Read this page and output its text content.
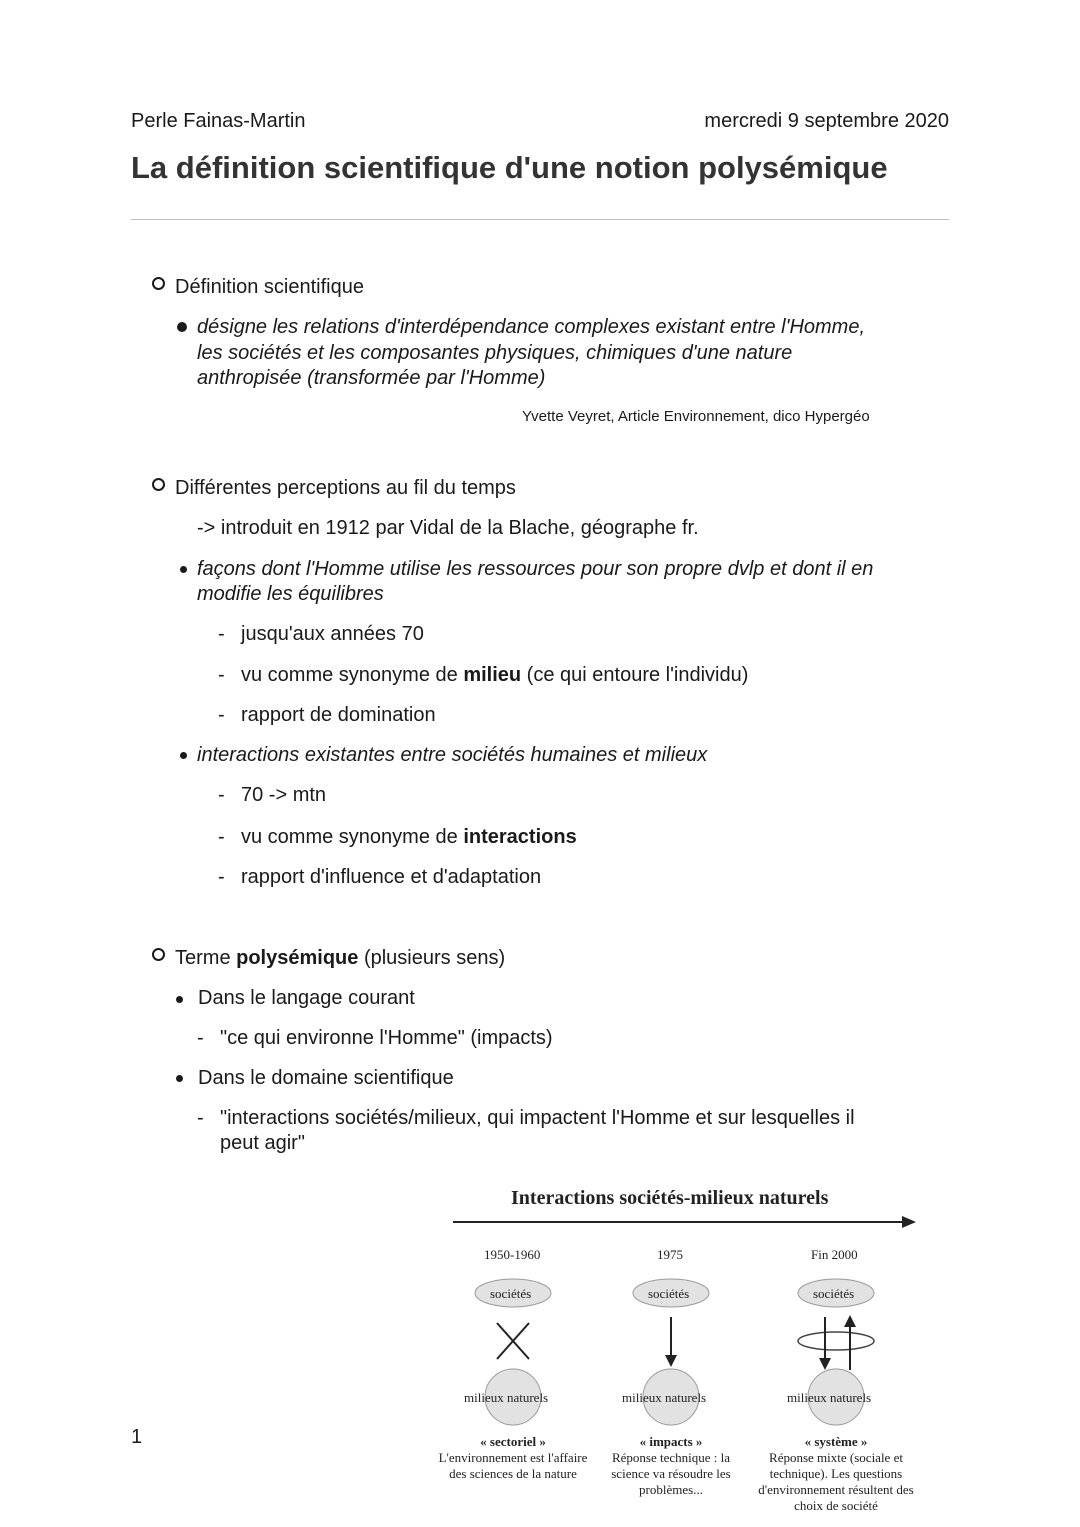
Perle Fainas-Martin	mercredi 9 septembre 2020
La définition scientifique d'une notion polysémique
Définition scientifique
désigne les relations d'interdépendance complexes existant entre l'Homme,
les sociétés et les composantes physiques, chimiques d'une nature
anthropisée (transformée par l'Homme)
Yvette Veyret, Article Environnement, dico Hypergéo
Différentes perceptions au fil du temps
-> introduit en 1912 par Vidal de la Blache, géographe fr.
façons dont l'Homme utilise les ressources pour son propre dvlp et dont il en
modifie les équilibres
- jusqu'aux années 70
- vu comme synonyme de milieu (ce qui entoure l'individu)
- rapport de domination
interactions existantes entre sociétés humaines et milieux
- 70 -> mtn
- vu comme synonyme de interactions
- rapport d'influence et d'adaptation
Terme polysémique (plusieurs sens)
Dans le langage courant
- "ce qui environne l'Homme" (impacts)
Dans le domaine scientifique
- "interactions sociétés/milieux, qui impactent l'Homme et sur lesquelles il
peut agir"
Interactions sociétés-milieux naturels
1950-1960	1975	Fin 2000
sociétés	sociétés	sociétés
milieux naturels	milieux naturels	milieux naturels
« sectoriel »
L'environnement est l'affaire des sciences de la nature
« impacts »
Réponse technique : la science va résoudre les problèmes...
« système »
Réponse mixte (sociale et technique). Les questions d'environnement résultent des choix de société
1
